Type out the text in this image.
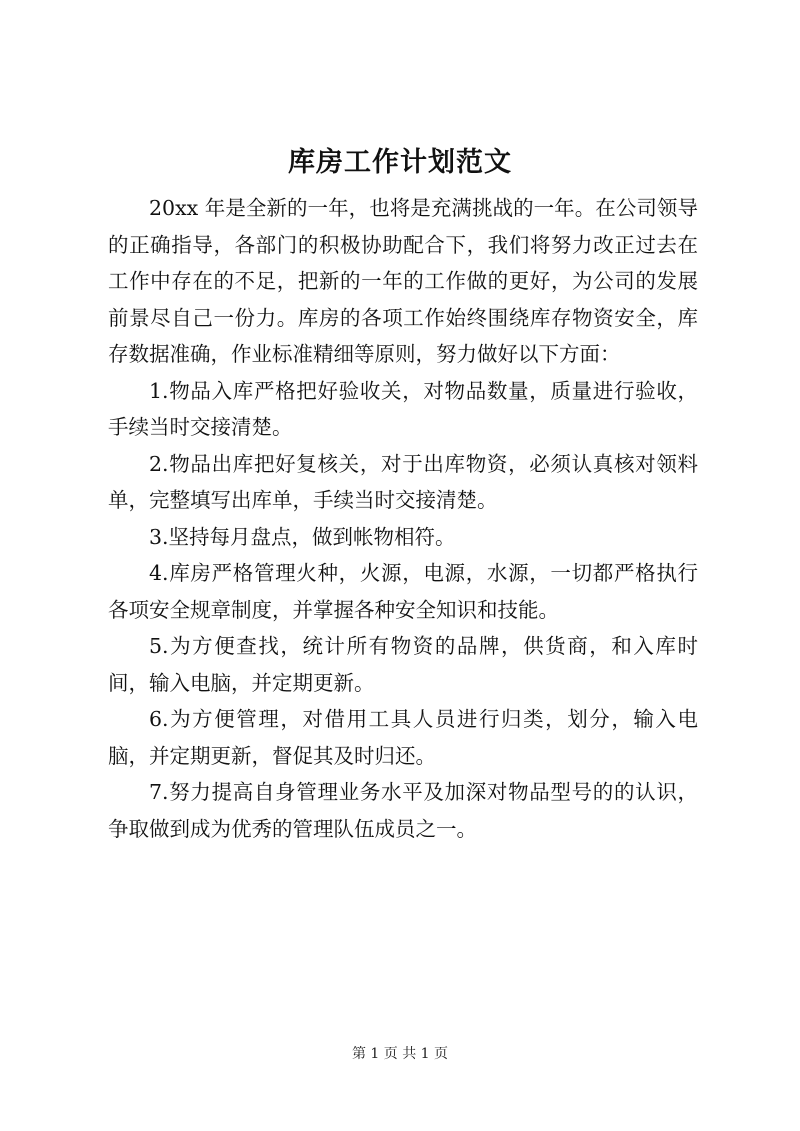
库房工作计划范文

20xx 年是全新的一年，也将是充满挑战的一年。在公司领导的正确指导，各部门的积极协助配合下，我们将努力改正过去在工作中存在的不足，把新的一年的工作做的更好，为公司的发展前景尽自己一份力。库房的各项工作始终围绕库存物资安全，库存数据准确，作业标准精细等原则，努力做好以下方面：

1.物品入库严格把好验收关，对物品数量，质量进行验收，手续当时交接清楚。

2.物品出库把好复核关，对于出库物资，必须认真核对领料单，完整填写出库单，手续当时交接清楚。

3.坚持每月盘点，做到帐物相符。

4.库房严格管理火种，火源，电源，水源，一切都严格执行各项安全规章制度，并掌握各种安全知识和技能。

5.为方便查找，统计所有物资的品牌，供货商，和入库时间，输入电脑，并定期更新。

6.为方便管理，对借用工具人员进行归类，划分，输入电脑，并定期更新，督促其及时归还。

7.努力提高自身管理业务水平及加深对物品型号的的认识，争取做到成为优秀的管理队伍成员之一。

第 1 页 共 1 页
